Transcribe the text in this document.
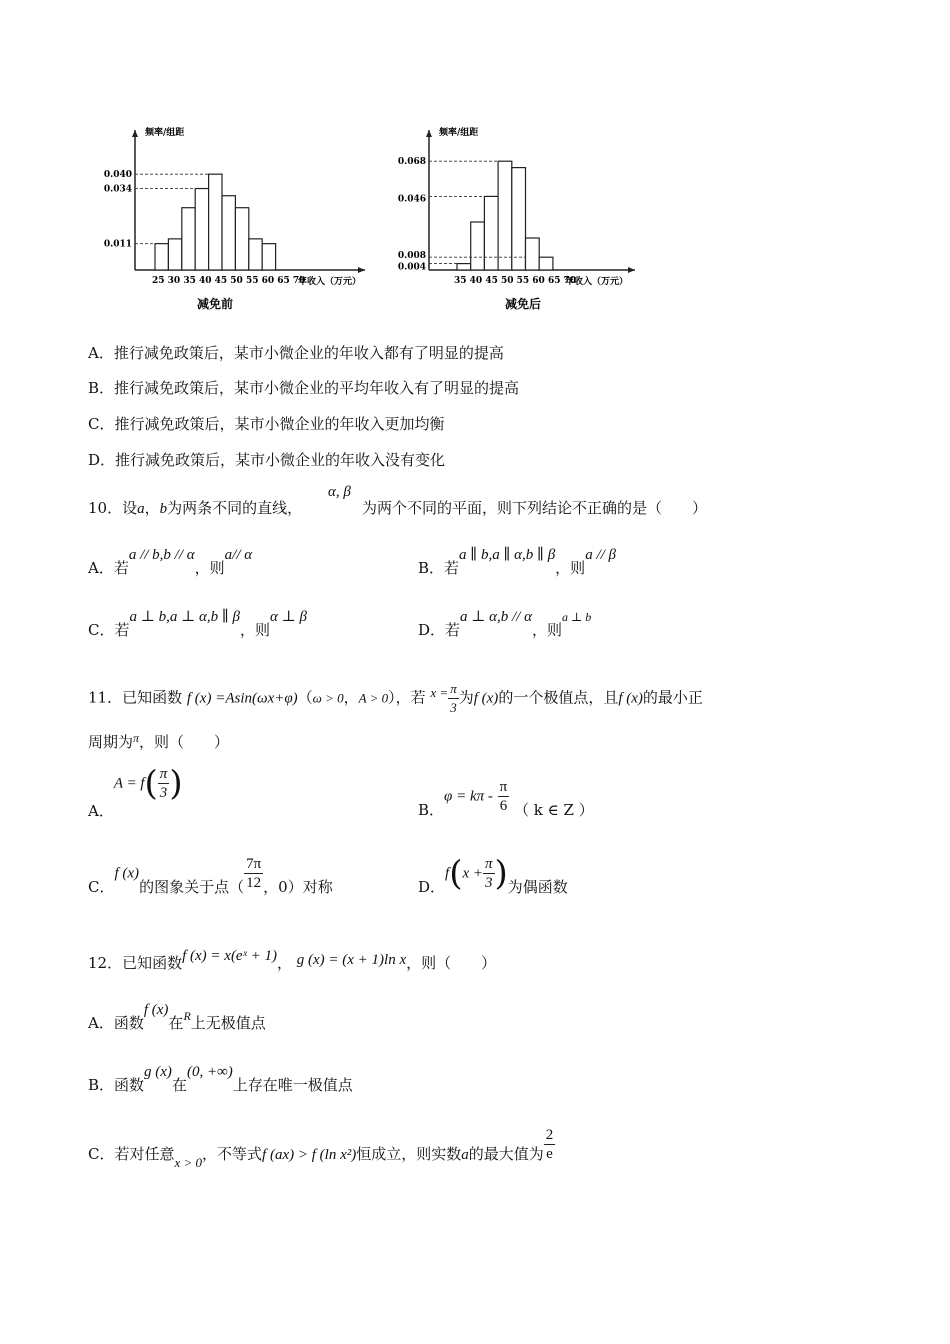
频率/组距
0.040
0.034
0.011
25 30 35 40 45 50 55 60 65 70
年收入（万元）
减免前
频率/组距
0.068
0.046
0.008
0.004
35 40 45 50 55 60 65 70
年收入（万元）
减免后
A．推行减免政策后，某市小微企业的年收入都有了明显的提高
B．推行减免政策后，某市小微企业的平均年收入有了明显的提高
C．推行减免政策后，某市小微企业的年收入更加均衡
D．推行减免政策后，某市小微企业的年收入没有变化
10．设a，b为两条不同的直线，
α, β
为两个不同的平面，则下列结论不正确的是（　　）
A．若a // b,b // α，则a// α
B．若a ∥ b,a ∥ α,b ∥ β，则a // β
C．若a ⊥ b,a ⊥ α,b ∥ β，则α ⊥ β
D．若a ⊥ α,b // α，则$^{a \perp b}$
11．已知函数 f (x) =Asin(ωx+φ)（ω > 0，A > 0），若 $x = \frac{\pi}{3}$ 为f (x)的一个极值点，且f (x)的最小正
周期为$^\pi$，则（　　）
A．$A = f( \frac{\pi}{3}$ )
B．$\varphi = k\pi - \frac{\pi}{6}$ （ k ∈ Z ）
C．f (x)的图象关于点（ $\frac{7\pi}{12}$ ，0）对称	D．$f(x + \frac{\pi}{3}$ )为偶函数
12．已知函数f (x) = x(eˣ + 1)， g (x) = (x + 1)ln x，则（　　）
A．函数f (x)在$^R$上无极值点
B．函数g (x)在(0, +∞)上存在唯一极值点
C．若对任意x > 0，不等式f (ax) > f (ln x²)恒成立，则实数a的最大值为 $\frac{2}{e}$
